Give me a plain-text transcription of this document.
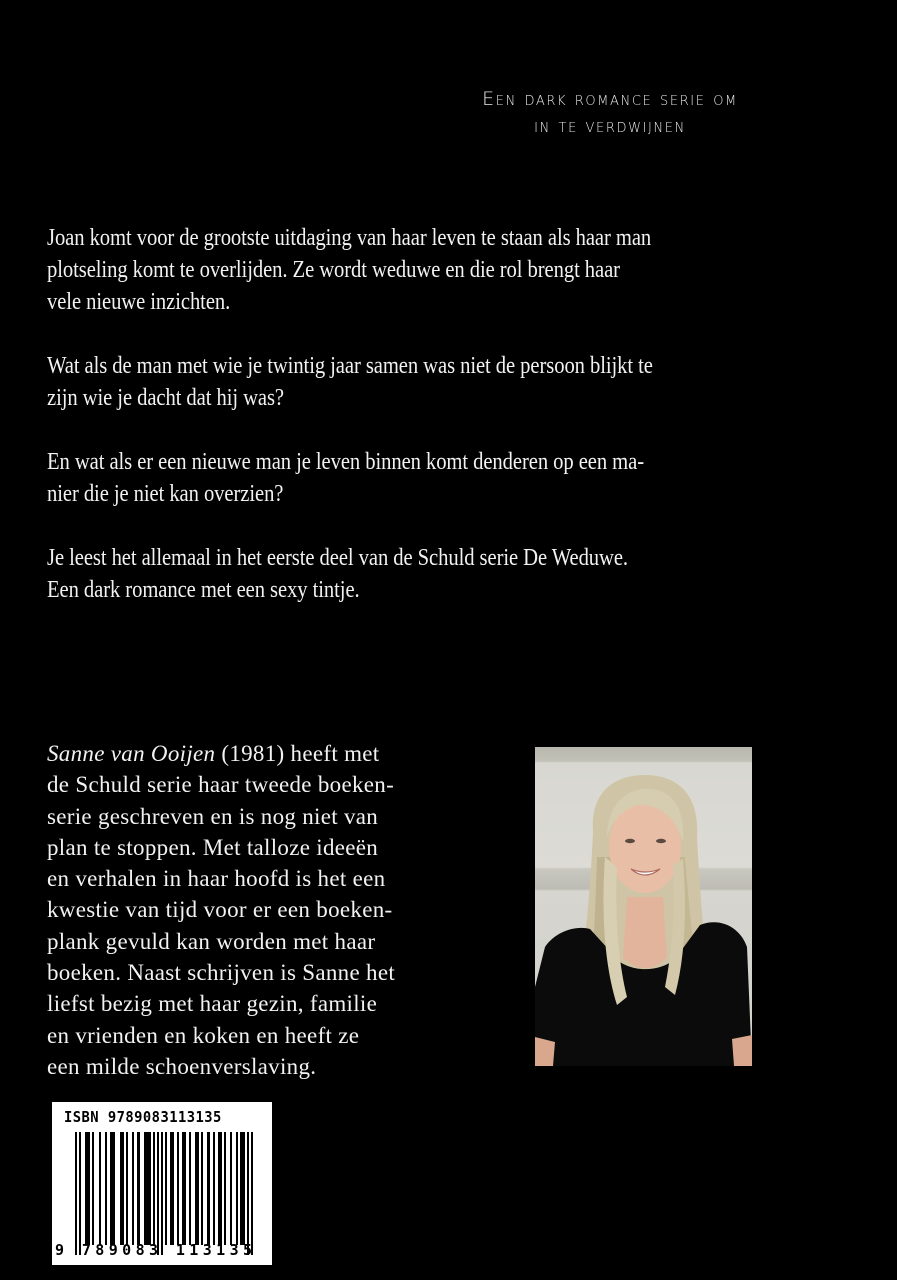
Een dark romance serie om
in te verdwijnen

Joan komt voor de grootste uitdaging van haar leven te staan als haar man
plotseling komt te overlijden. Ze wordt weduwe en die rol brengt haar
vele nieuwe inzichten.

Wat als de man met wie je twintig jaar samen was niet de persoon blijkt te
zijn wie je dacht dat hij was?

En wat als er een nieuwe man je leven binnen komt denderen op een ma-
nier die je niet kan overzien?

Je leest het allemaal in het eerste deel van de Schuld serie De Weduwe.
Een dark romance met een sexy tintje.

Sanne van Ooijen (1981) heeft met
de Schuld serie haar tweede boeken-
serie geschreven en is nog niet van
plan te stoppen. Met talloze ideeën
en verhalen in haar hoofd is het een
kwestie van tijd voor er een boeken-
plank gevuld kan worden met haar
boeken. Naast schrijven is Sanne het
liefst bezig met haar gezin, familie
en vrienden en koken en heeft ze
een milde schoenverslaving.
ISBN 9789083113135
9 789083 113135
